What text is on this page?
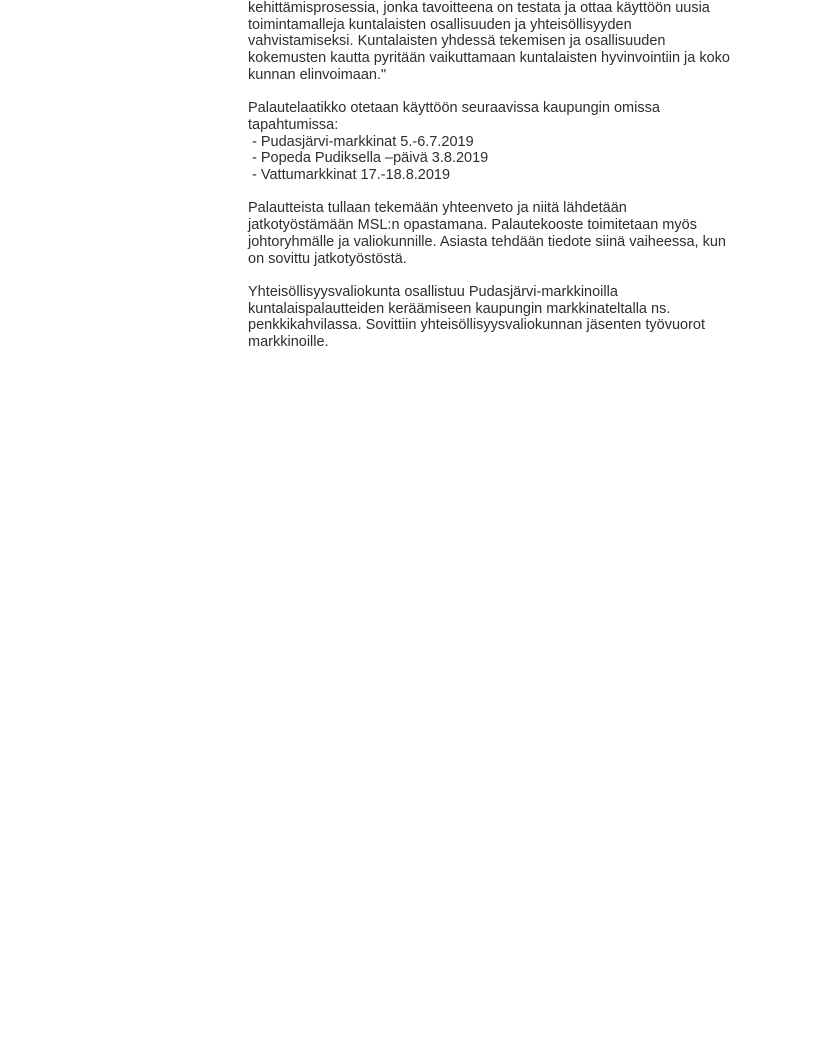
kehittämisprosessia, jonka tavoitteena on testata ja ottaa käyttöön uusia
toimintamalleja kuntalaisten osallisuuden ja yhteisöllisyyden
vahvistamiseksi. Kuntalaisten yhdessä tekemisen ja osallisuuden
kokemusten kautta pyritään vaikuttamaan kuntalaisten hyvinvointiin ja koko
kunnan elinvoimaan."
Palautelaatikko otetaan käyttöön seuraavissa kaupungin omissa
tapahtumissa:
- Pudasjärvi-markkinat 5.-6.7.2019
- Popeda Pudiksella –päivä 3.8.2019
- Vattumarkkinat 17.-18.8.2019
Palautteista tullaan tekemään yhteenveto ja niitä lähdetään
jatkotyöstämään MSL:n opastamana. Palautekooste toimitetaan myös
johtoryhmälle ja valiokunnille. Asiasta tehdään tiedote siinä vaiheessa, kun
on sovittu jatkotyöstöstä.
Yhteisöllisyysvaliokunta osallistuu Pudasjärvi-markkinoilla
kuntalaispalautteiden keräämiseen kaupungin markkinateltalla ns.
penkkikahvilassa. Sovittiin yhteisöllisyysvaliokunnan jäsenten työvuorot
markkinoille.
